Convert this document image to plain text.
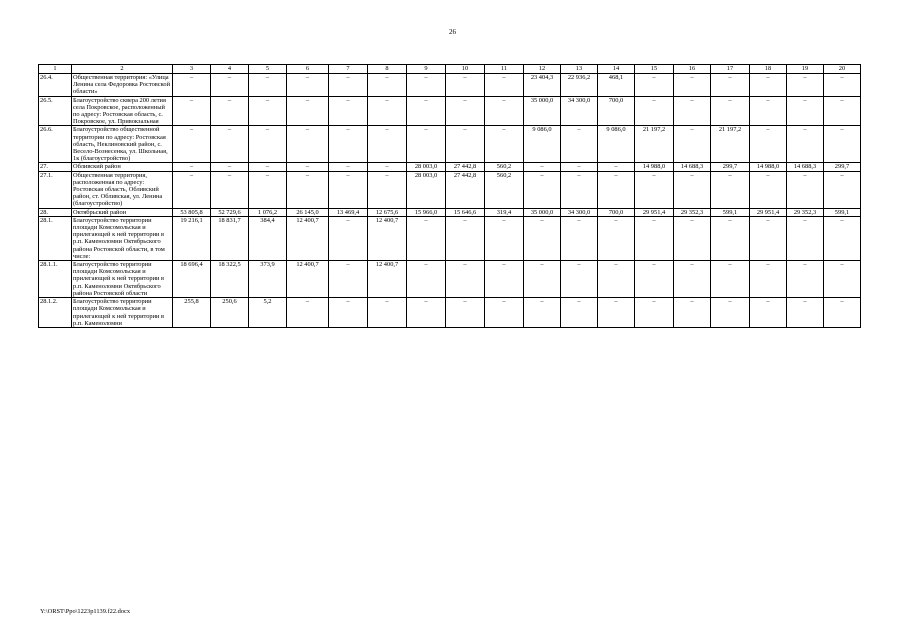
26
1	2	3	4	5	6	7	8	9	10	11	12	13	14	15	16	17	18	19	20
26.4.	Общественная территория: «Улица Ленина села Федоровка Ростовской области»	–	–	–	–	–	–	–	–	–	23 404,3	22 936,2	468,1	–	–	–	–	–	–
26.5.	Благоустройство сквера 200 летия села Покровское, расположенный по адресу: Ростовская область, с. Покровское, ул. Привокзальная	–	–	–	–	–	–	–	–	–	35 000,0	34 300,0	700,0	–	–	–	–	–	–
26.6.	Благоустройство общественной территории по адресу: Ростовская область, Неклиновский район, с. Весело-Вознесенка, ул. Школьная, 1к (благоустройство)	–	–	–	–	–	–	–	–	–	9 086,0	–	9 086,0	21 197,2	–	21 197,2	–	–	–
27.	Обливский район	–	–	–	–	–	–	28 003,0	27 442,8	560,2	–	–	–	14 988,0	14 688,3	299,7	14 988,0	14 688,3	299,7
27.1.	Общественная территория, расположенная по адресу: Ростовская область, Обливский район, ст. Обливская, ул. Ленина (благоустройство)	–	–	–	–	–	–	28 003,0	27 442,8	560,2	–	–	–	–	–	–	–	–	–
28.	Октябрьский район	53 805,8	52 729,6	1 076,2	26 145,0	13 469,4	12 675,6	15 966,0	15 646,6	319,4	35 000,0	34 300,0	700,0	29 951,4	29 352,3	599,1	29 951,4	29 352,3	599,1
28.1.	Благоустройство территории площади Комсомольская и прилегающей к ней территории в р.п. Каменоломни Октябрьского района Ростовской области, в том числе:	19 216,1	18 831,7	384,4	12 400,7	–	12 400,7	–	–	–	–	–	–	–	–	–	–	–	–
28.1.1.	Благоустройство территории площади Комсомольская и прилегающей к ней территории в р.п. Каменоломни Октябрьского района Ростовской области	18 696,4	18 322,5	373,9	12 400,7	–	12 400,7	–	–	–	–	–	–	–	–	–	–	–	–
28.1.2.	Благоустройство территории площади Комсомольская и прилегающей к ней территории в р.п. Каменоломни	255,8	250,6	5,2	–	–	–	–	–	–	–	–	–	–	–	–	–	–	–
Y:\ORST\Ppo\1223p1139.f22.docx
